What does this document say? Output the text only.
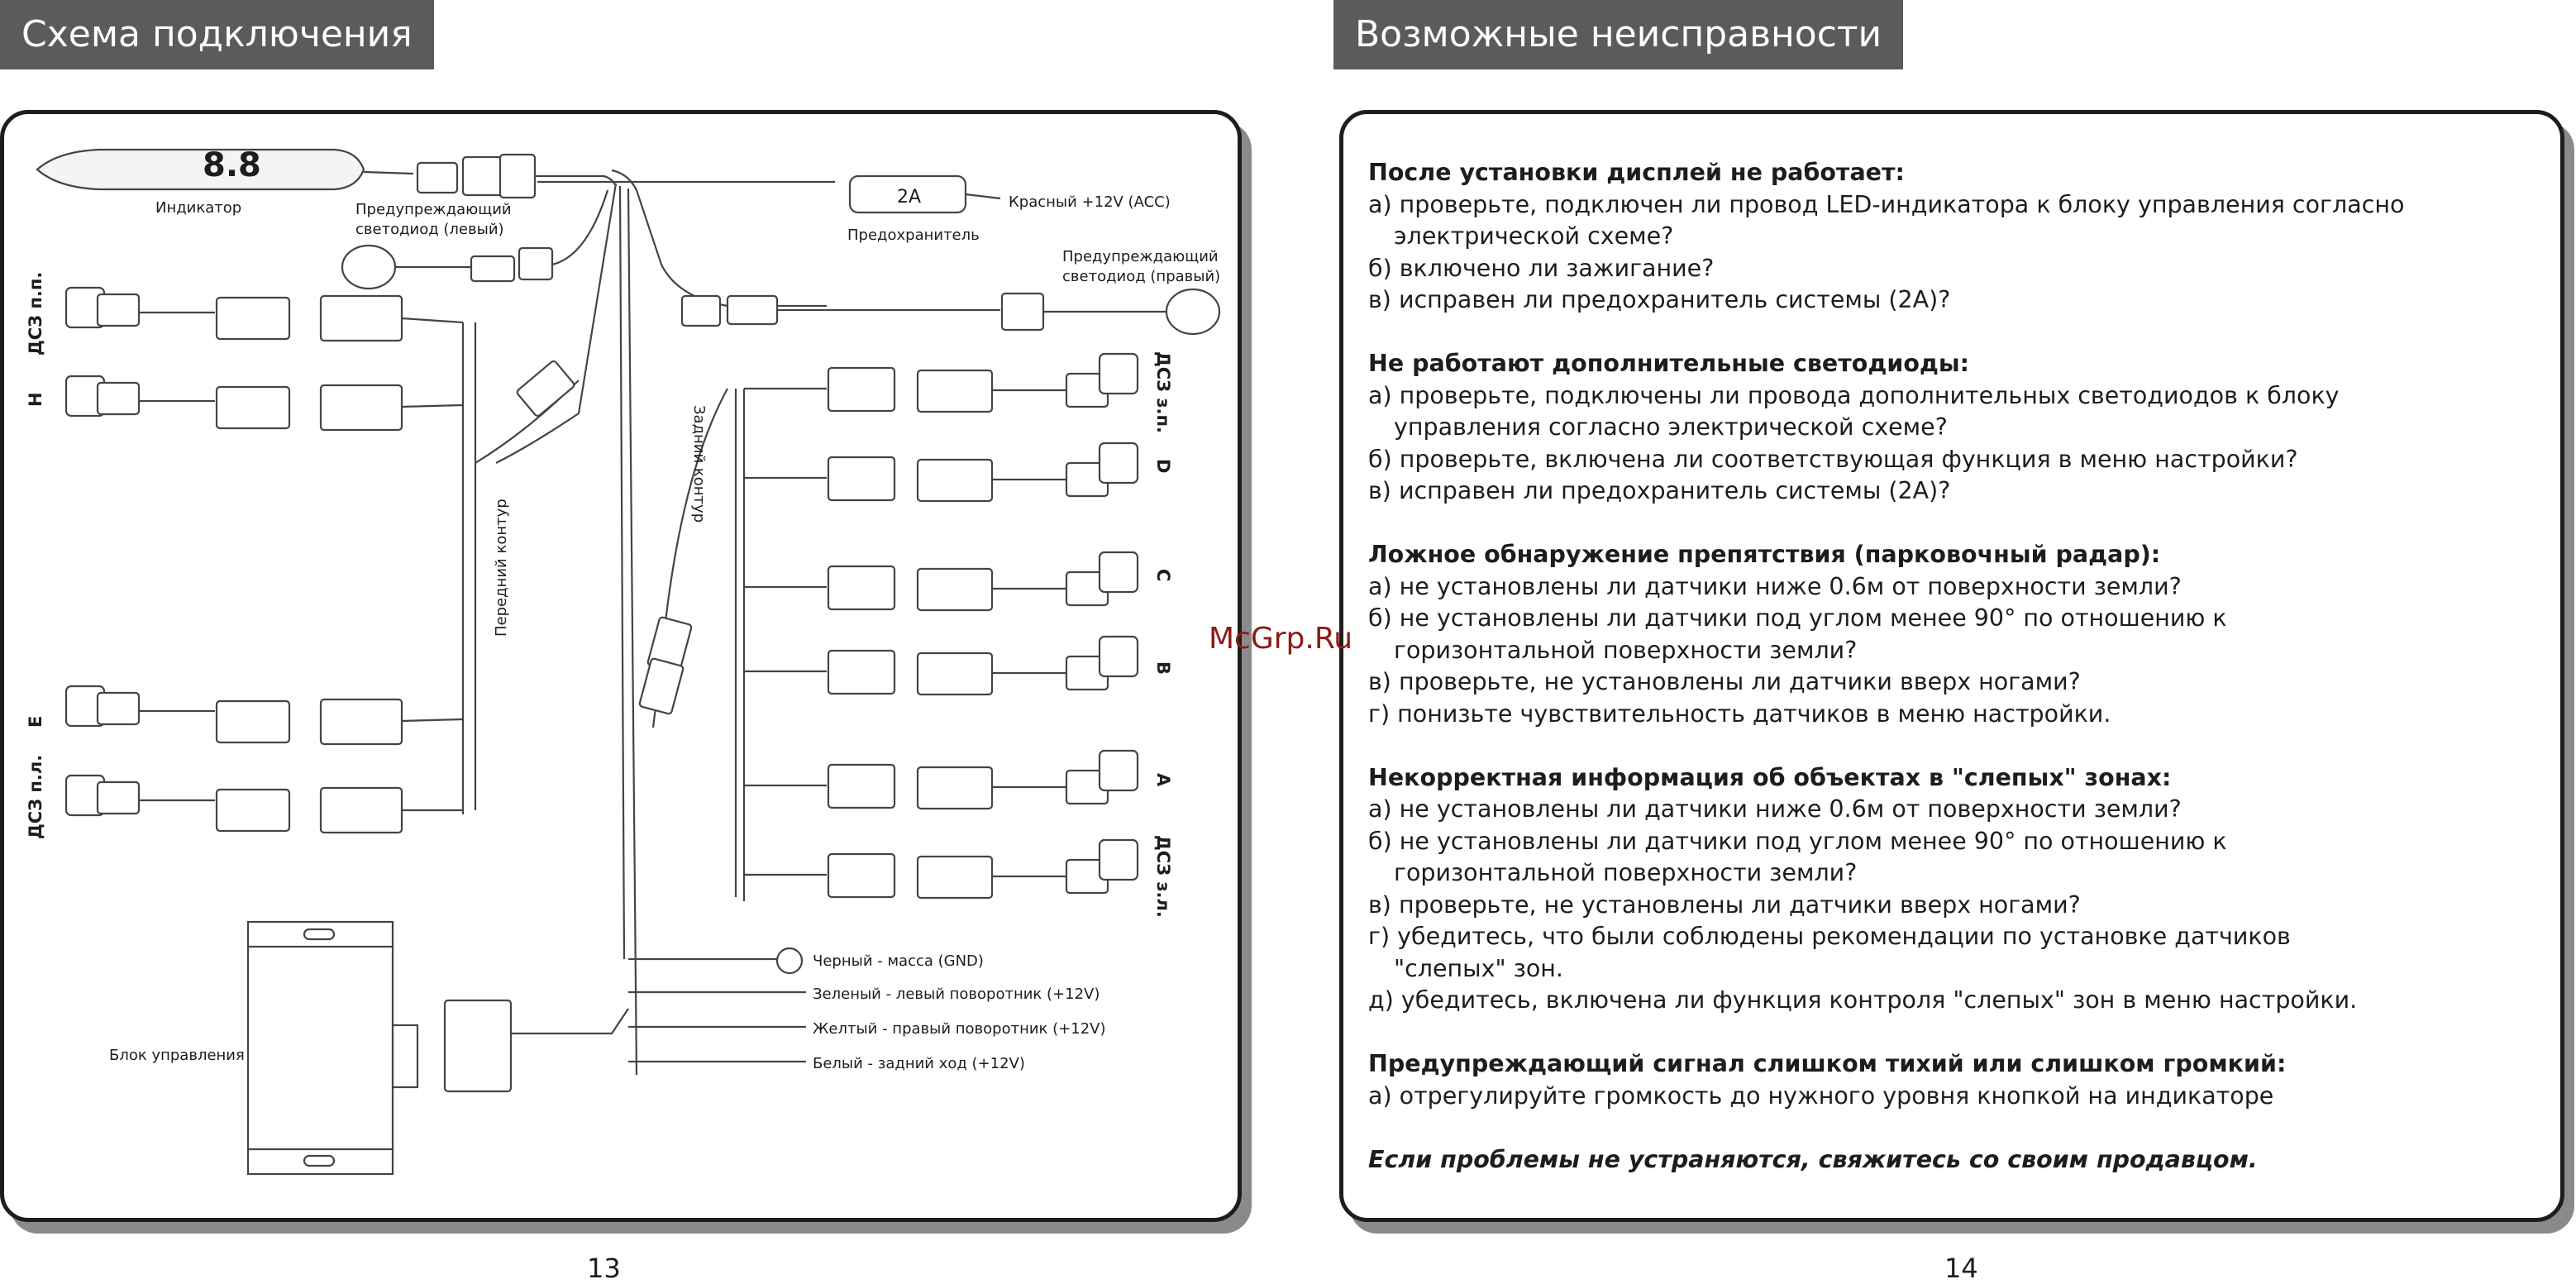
Схема подключения
8.8
Индикатор	Предупреждающий
светодиод (левый)
2A	Красный +12V (ACC)
Предохранитель
Предупреждающий
светодиод (правый)
Передний контур
Задний контур
Блок управления
ДСЗ п.п.
H
E
ДСЗ п.л.
ДСЗ з.п.
D
C
B
A
ДСЗ з.л.
Черный - масса (GND)
Зеленый - левый поворотник (+12V)
Желтый - правый поворотник (+12V)
Белый - задний ход (+12V)
13
Возможные неисправности
После установки дисплей не работает:
а) проверьте, подключен ли провод LED-индикатора к блоку управления согласно электрической схеме?
б) включено ли зажигание?
в) исправен ли предохранитель системы (2А)?
Не работают дополнительные светодиоды:
а) проверьте, подключены ли провода дополнительных светодиодов к блоку управления согласно электрической схеме?
б) проверьте, включена ли соответствующая функция в меню настройки?
в) исправен ли предохранитель системы (2А)?
Ложное обнаружение препятствия (парковочный радар):
а) не установлены ли датчики ниже 0.6м от поверхности земли?
б) не установлены ли датчики под углом менее 90° по отношению к горизонтальной поверхности земли?
в) проверьте, не установлены ли датчики вверх ногами?
г) понизьте чувствительность датчиков в меню настройки.
Некорректная информация об объектах в "слепых" зонах:
а) не установлены ли датчики ниже 0.6м от поверхности земли?
б) не установлены ли датчики под углом менее 90° по отношению к горизонтальной поверхности земли?
в) проверьте, не установлены ли датчики вверх ногами?
г) убедитесь, что были соблюдены рекомендации по установке датчиков "слепых" зон.
д) убедитесь, включена ли функция контроля "слепых" зон в меню настройки.
Предупреждающий сигнал слишком тихий или слишком громкий:
а) отрегулируйте громкость до нужного уровня кнопкой на индикаторе
Если проблемы не устраняются, свяжитесь со своим продавцом.
McGrp.Ru
14
